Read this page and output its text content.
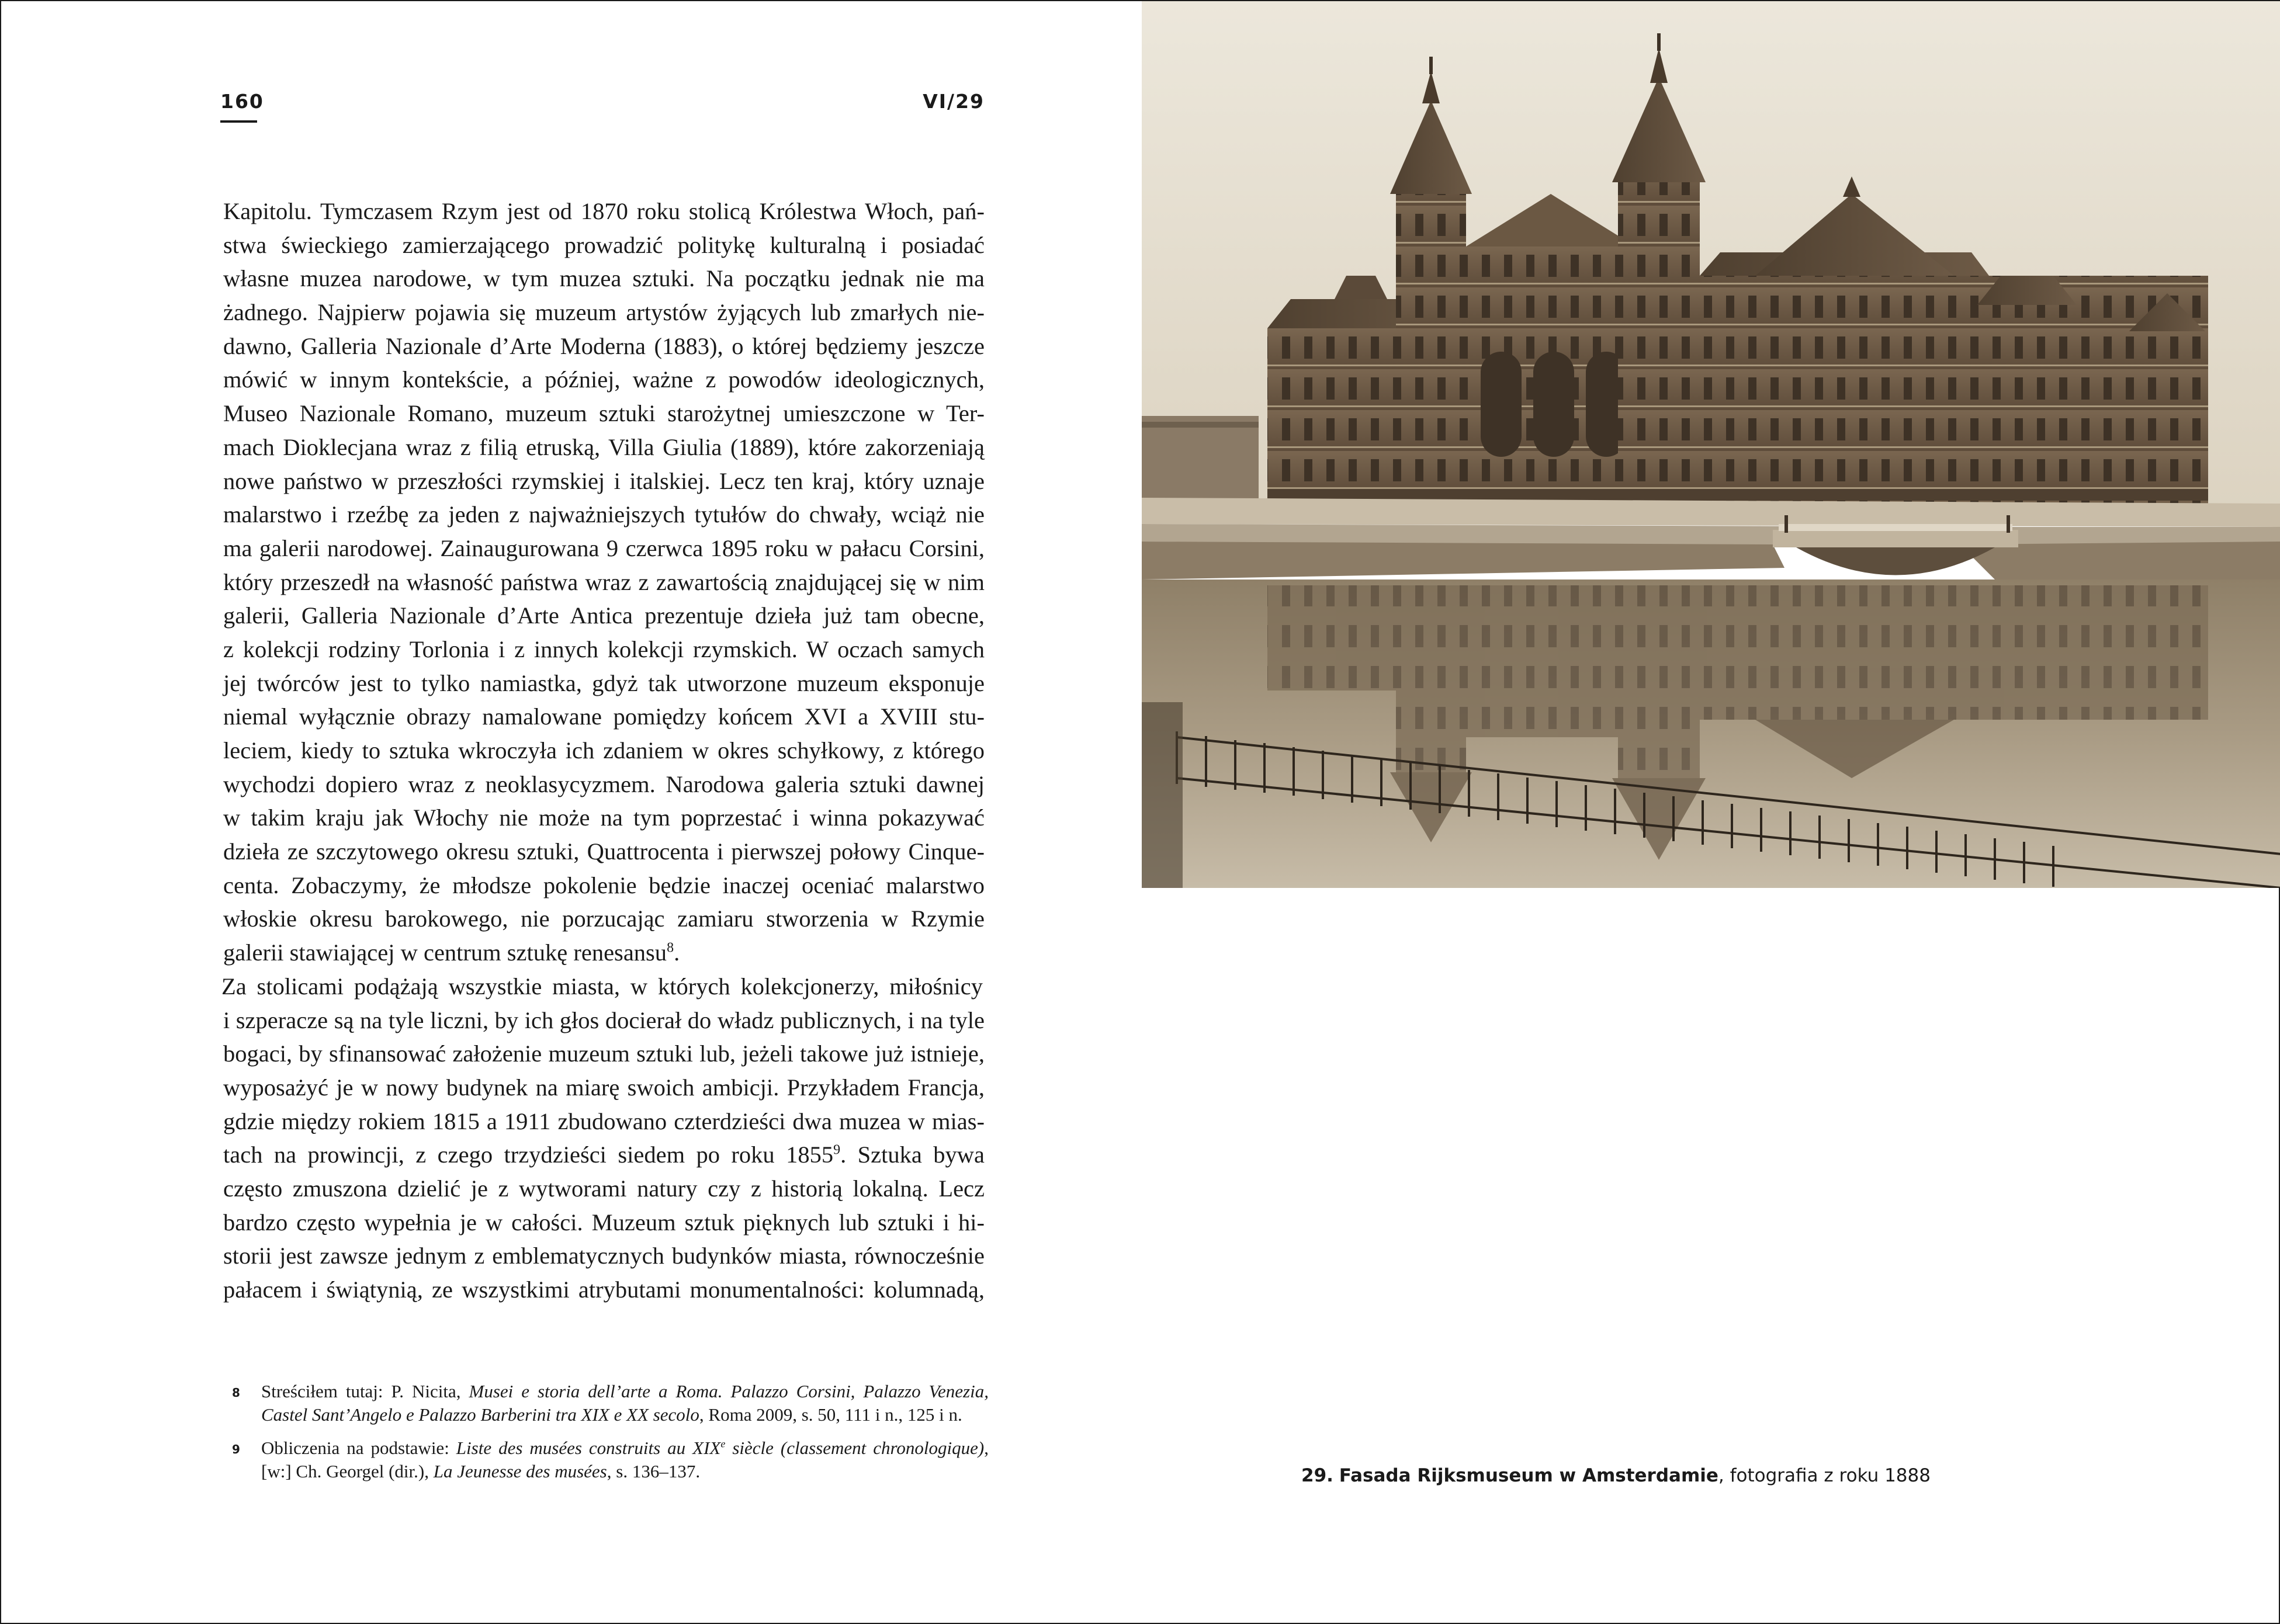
160	VI/29
Kapitolu. Tymczasem Rzym jest od 1870 roku stolicą Królestwa Włoch, pań-
stwa świeckiego zamierzającego prowadzić politykę kulturalną i posiadać
własne muzea narodowe, w tym muzea sztuki. Na początku jednak nie ma
żadnego. Najpierw pojawia się muzeum artystów żyjących lub zmarłych nie-
dawno, Galleria Nazionale d’Arte Moderna (1883), o której będziemy jeszcze
mówić w innym kontekście, a później, ważne z powodów ideologicznych,
Museo Nazionale Romano, muzeum sztuki starożytnej umieszczone w Ter-
mach Dioklecjana wraz z filią etruską, Villa Giulia (1889), które zakorzeniają
nowe państwo w przeszłości rzymskiej i italskiej. Lecz ten kraj, który uznaje
malarstwo i rzeźbę za jeden z najważniejszych tytułów do chwały, wciąż nie
ma galerii narodowej. Zainaugurowana 9 czerwca 1895 roku w pałacu Corsini,
który przeszedł na własność państwa wraz z zawartością znajdującej się w nim
galerii, Galleria Nazionale d’Arte Antica prezentuje dzieła już tam obecne,
z kolekcji rodziny Torlonia i z innych kolekcji rzymskich. W oczach samych
jej twórców jest to tylko namiastka, gdyż tak utworzone muzeum eksponuje
niemal wyłącznie obrazy namalowane pomiędzy końcem XVI a XVIII stu-
leciem, kiedy to sztuka wkroczyła ich zdaniem w okres schyłkowy, z którego
wychodzi dopiero wraz z neoklasycyzmem. Narodowa galeria sztuki dawnej
w takim kraju jak Włochy nie może na tym poprzestać i winna pokazywać
dzieła ze szczytowego okresu sztuki, Quattrocenta i pierwszej połowy Cinque-
centa. Zobaczymy, że młodsze pokolenie będzie inaczej oceniać malarstwo
włoskie okresu barokowego, nie porzucając zamiaru stworzenia w Rzymie
galerii stawiającej w centrum sztukę renesansu$^8$.
Za stolicami podążają wszystkie miasta, w których kolekcjonerzy, miłośnicy
i szperacze są na tyle liczni, by ich głos docierał do władz publicznych, i na tyle
bogaci, by sfinansować założenie muzeum sztuki lub, jeżeli takowe już istnieje,
wyposażyć je w nowy budynek na miarę swoich ambicji. Przykładem Francja,
gdzie między rokiem 1815 a 1911 zbudowano czterdzieści dwa muzea w mias-
tach na prowincji, z czego trzydzieści siedem po roku 1855$^9$. Sztuka bywa
często zmuszona dzielić je z wytworami natury czy z historią lokalną. Lecz
bardzo często wypełnia je w całości. Muzeum sztuk pięknych lub sztuki i hi-
storii jest zawsze jednym z emblematycznych budynków miasta, równocześnie
pałacem i świątynią, ze wszystkimi atrybutami monumentalności: kolumnadą,
8 Streściłem tutaj: P. Nicita, Musei e storia dell’arte a Roma. Palazzo Corsini, Palazzo Venezia,
Castel Sant’Angelo e Palazzo Barberini tra XIX e XX secolo, Roma 2009, s. 50, 111 i n., 125 i n.
9 Obliczenia na podstawie: Liste des musées construits au XIXe siècle (classement chronologique),
[w:] Ch. Georgel (dir.), La Jeunesse des musées, s. 136–137.	29. Fasada Rijksmuseum w Amsterdamie, fotografia z roku 1888
